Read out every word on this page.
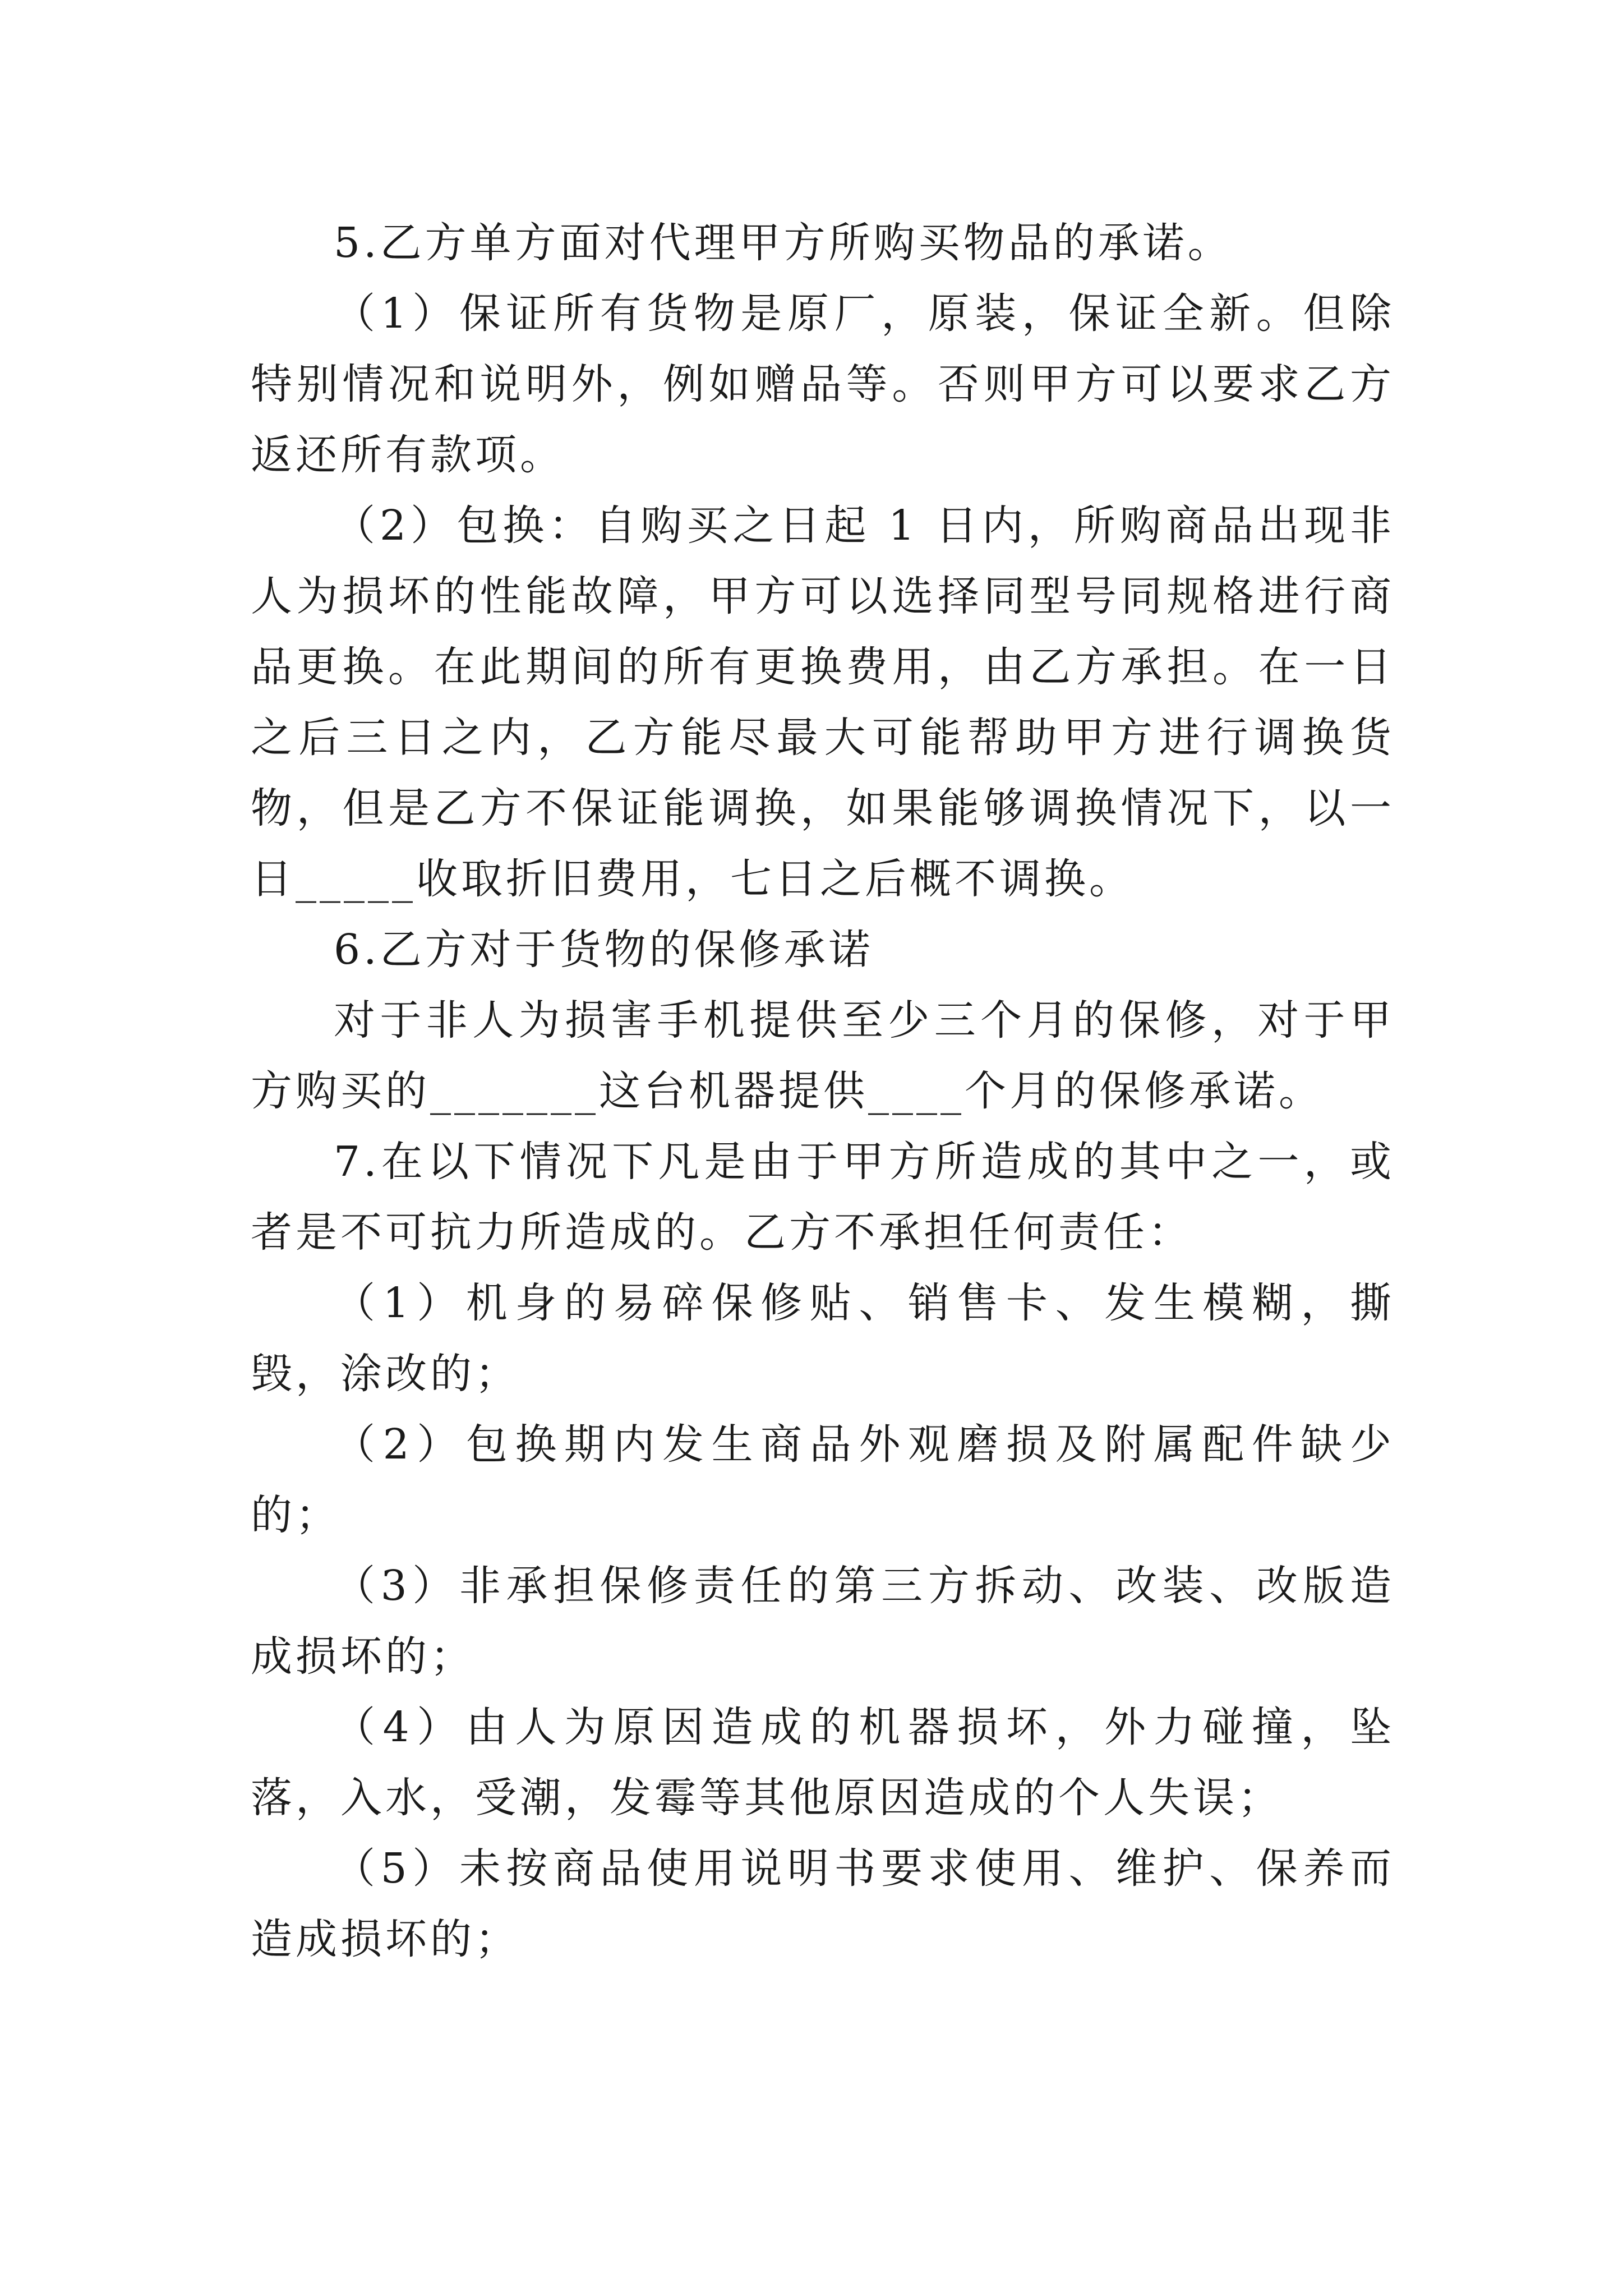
5.乙方单方面对代理甲方所购买物品的承诺。

（1）保证所有货物是原厂，原装，保证全新。但除特别情况和说明外，例如赠品等。否则甲方可以要求乙方返还所有款项。

（2）包换：自购买之日起 1 日内，所购商品出现非人为损坏的性能故障，甲方可以选择同型号同规格进行商品更换。在此期间的所有更换费用，由乙方承担。在一日之后三日之内，乙方能尽最大可能帮助甲方进行调换货物，但是乙方不保证能调换，如果能够调换情况下，以一日_____收取折旧费用，七日之后概不调换。

6.乙方对于货物的保修承诺

对于非人为损害手机提供至少三个月的保修，对于甲方购买的_______这台机器提供____个月的保修承诺。

7.在以下情况下凡是由于甲方所造成的其中之一，或者是不可抗力所造成的。乙方不承担任何责任：

（1）机身的易碎保修贴、销售卡、发生模糊，撕毁，涂改的；

（2）包换期内发生商品外观磨损及附属配件缺少的；

（3）非承担保修责任的第三方拆动、改装、改版造成损坏的；

（4）由人为原因造成的机器损坏，外力碰撞，坠落，入水，受潮，发霉等其他原因造成的个人失误；

（5）未按商品使用说明书要求使用、维护、保养而造成损坏的；
